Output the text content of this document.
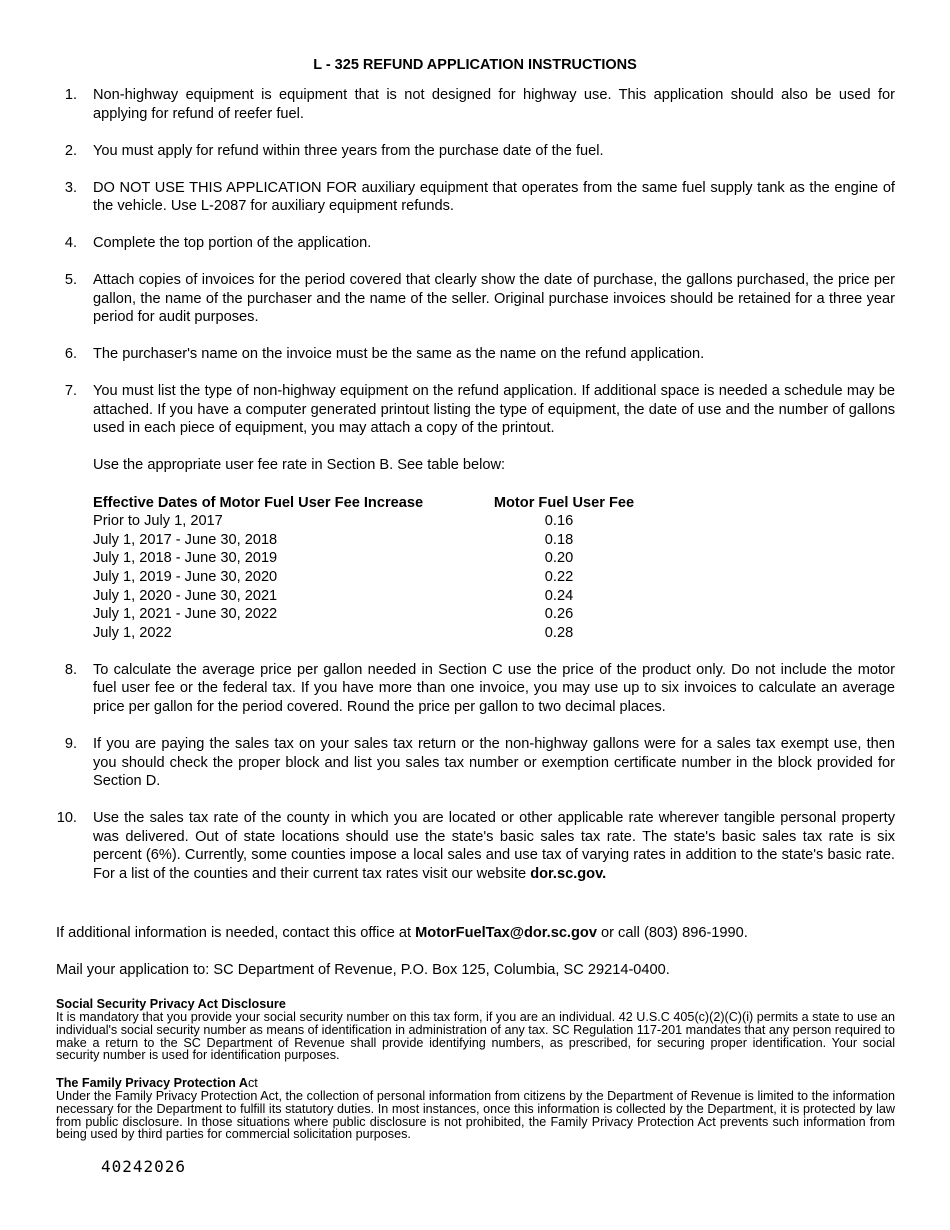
L - 325 REFUND APPLICATION INSTRUCTIONS
1. Non-highway equipment is equipment that is not designed for highway use. This application should also be used for applying for refund of reefer fuel.
2. You must apply for refund within three years from the purchase date of the fuel.
3. DO NOT USE THIS APPLICATION FOR auxiliary equipment that operates from the same fuel supply tank as the engine of the vehicle. Use L-2087 for auxiliary equipment refunds.
4. Complete the top portion of the application.
5. Attach copies of invoices for the period covered that clearly show the date of purchase, the gallons purchased, the price per gallon, the name of the purchaser and the name of the seller. Original purchase invoices should be retained for a three year period for audit purposes.
6. The purchaser's name on the invoice must be the same as the name on the refund application.
7. You must list the type of non-highway equipment on the refund application. If additional space is needed a schedule may be attached. If you have a computer generated printout listing the type of equipment, the date of use and the number of gallons used in each piece of equipment, you may attach a copy of the printout.
Use the appropriate user fee rate in Section B. See table below:
Effective Dates of Motor Fuel User Fee Increase	Motor Fuel User Fee
Prior to July 1, 2017	0.16
July 1, 2017 - June 30, 2018	0.18
July 1, 2018 - June 30, 2019	0.20
July 1, 2019 - June 30, 2020	0.22
July 1, 2020 - June 30, 2021	0.24
July 1, 2021 - June 30, 2022	0.26
July 1, 2022	0.28
8. To calculate the average price per gallon needed in Section C use the price of the product only. Do not include the motor fuel user fee or the federal tax. If you have more than one invoice, you may use up to six invoices to calculate an average price per gallon for the period covered. Round the price per gallon to two decimal places.
9. If you are paying the sales tax on your sales tax return or the non-highway gallons were for a sales tax exempt use, then you should check the proper block and list you sales tax number or exemption certificate number in the block provided for Section D.
10. Use the sales tax rate of the county in which you are located or other applicable rate wherever tangible personal property was delivered. Out of state locations should use the state's basic sales tax rate. The state's basic sales tax rate is six percent (6%). Currently, some counties impose a local sales and use tax of varying rates in addition to the state's basic rate. For a list of the counties and their current tax rates visit our website dor.sc.gov.
If additional information is needed, contact this office at MotorFuelTax@dor.sc.gov or call (803) 896-1990.
Mail your application to: SC Department of Revenue, P.O. Box 125, Columbia, SC 29214-0400.
Social Security Privacy Act Disclosure

It is mandatory that you provide your social security number on this tax form, if you are an individual. 42 U.S.C 405(c)(2)(C)(i) permits a state to use an individual's social security number as means of identification in administration of any tax. SC Regulation 117-201 mandates that any person required to make a return to the SC Department of Revenue shall provide identifying numbers, as prescribed, for securing proper identification. Your social security number is used for identification purposes.

The Family Privacy Protection Act

Under the Family Privacy Protection Act, the collection of personal information from citizens by the Department of Revenue is limited to the information necessary for the Department to fulfill its statutory duties. In most instances, once this information is collected by the Department, it is protected by law from public disclosure. In those situations where public disclosure is not prohibited, the Family Privacy Protection Act prevents such information from being used by third parties for commercial solicitation purposes.

40242026
